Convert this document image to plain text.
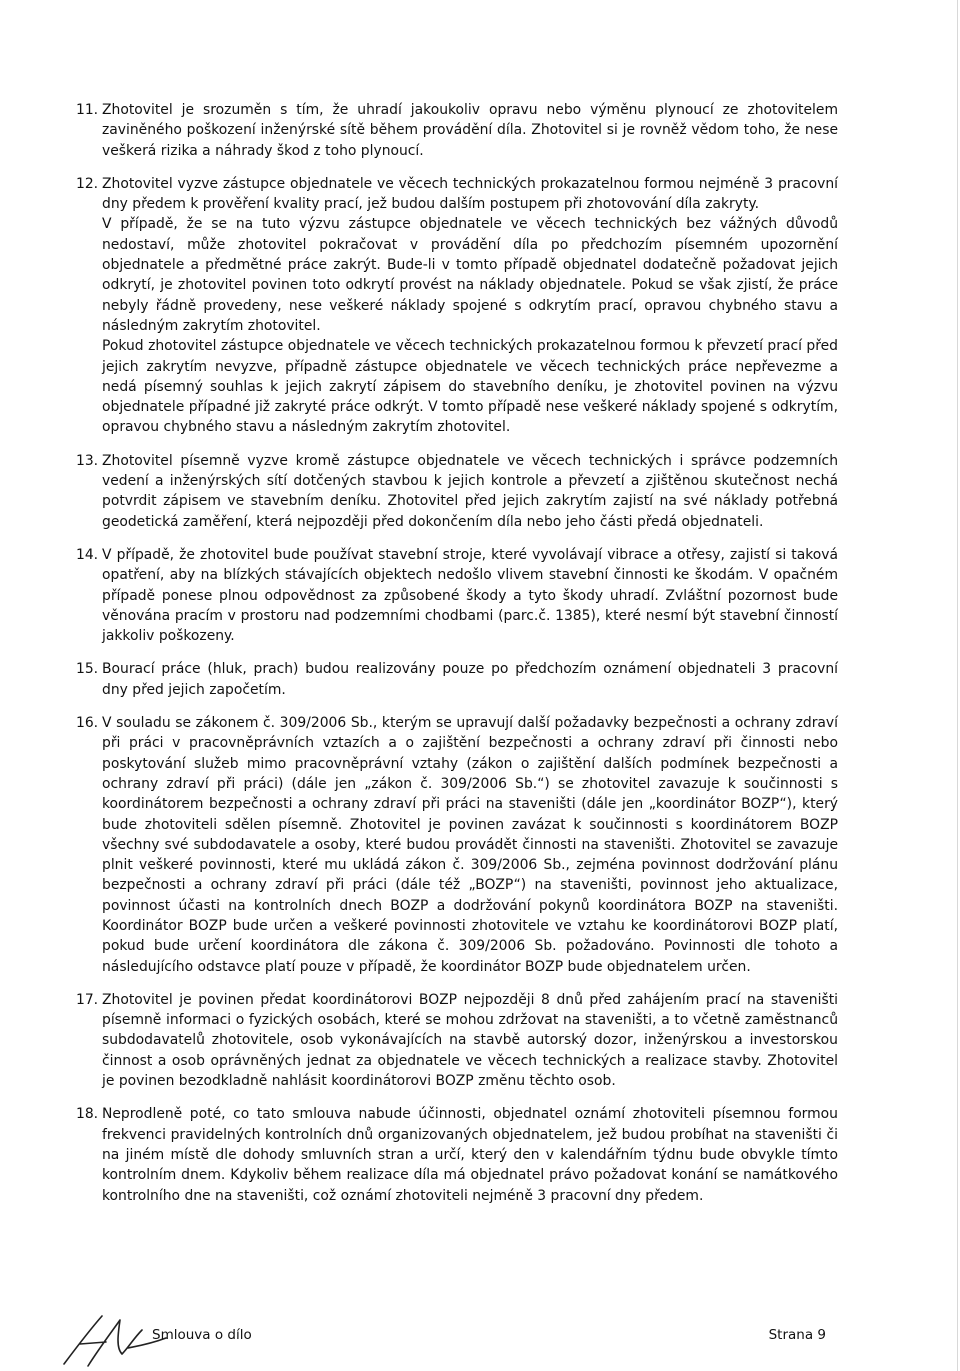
11. Zhotovitel je srozuměn s tím, že uhradí jakoukoliv opravu nebo výměnu plynoucí ze zhotovitelem zaviněného poškození inženýrské sítě během provádění díla. Zhotovitel si je rovněž vědom toho, že nese veškerá rizika a náhrady škod z toho plynoucí.

12. Zhotovitel vyzve zástupce objednatele ve věcech technických prokazatelnou formou nejméně 3 pracovní dny předem k prověření kvality prací, jež budou dalším postupem při zhotovování díla zakryty.

V případě, že se na tuto výzvu zástupce objednatele ve věcech technických bez vážných důvodů nedostaví, může zhotovitel pokračovat v provádění díla po předchozím písemném upozornění objednatele a předmětné práce zakrýt. Bude-li v tomto případě objednatel dodatečně požadovat jejich odkrytí, je zhotovitel povinen toto odkrytí provést na náklady objednatele. Pokud se však zjistí, že práce nebyly řádně provedeny, nese veškeré náklady spojené s odkrytím prací, opravou chybného stavu a následným zakrytím zhotovitel.

Pokud zhotovitel zástupce objednatele ve věcech technických prokazatelnou formou k převzetí prací před jejich zakrytím nevyzve, případně zástupce objednatele ve věcech technických práce nepřevezme a nedá písemný souhlas k jejich zakrytí zápisem do stavebního deníku, je zhotovitel povinen na výzvu objednatele případné již zakryté práce odkrýt. V tomto případě nese veškeré náklady spojené s odkrytím, opravou chybného stavu a následným zakrytím zhotovitel.

13. Zhotovitel písemně vyzve kromě zástupce objednatele ve věcech technických i správce podzemních vedení a inženýrských sítí dotčených stavbou k jejich kontrole a převzetí a zjištěnou skutečnost nechá potvrdit zápisem ve stavebním deníku. Zhotovitel před jejich zakrytím zajistí na své náklady potřebná geodetická zaměření, která nejpozději před dokončením díla nebo jeho části předá objednateli.

14. V případě, že zhotovitel bude používat stavební stroje, které vyvolávají vibrace a otřesy, zajistí si taková opatření, aby na blízkých stávajících objektech nedošlo vlivem stavební činnosti ke škodám. V opačném případě ponese plnou odpovědnost za způsobené škody a tyto škody uhradí. Zvláštní pozornost bude věnována pracím v prostoru nad podzemními chodbami (parc.č. 1385), které nesmí být stavební činností jakkoliv poškozeny.

15. Bourací práce (hluk, prach) budou realizovány pouze po předchozím oznámení objednateli 3 pracovní dny před jejich započetím.

16. V souladu se zákonem č. 309/2006 Sb., kterým se upravují další požadavky bezpečnosti a ochrany zdraví při práci v pracovněprávních vztazích a o zajištění bezpečnosti a ochrany zdraví při činnosti nebo poskytování služeb mimo pracovněprávní vztahy (zákon o zajištění dalších podmínek bezpečnosti a ochrany zdraví při práci) (dále jen „zákon č. 309/2006 Sb.“) se zhotovitel zavazuje k součinnosti s koordinátorem bezpečnosti a ochrany zdraví při práci na staveništi (dále jen „koordinátor BOZP“), který bude zhotoviteli sdělen písemně. Zhotovitel je povinen zavázat k součinnosti s koordinátorem BOZP všechny své subdodavatele a osoby, které budou provádět činnosti na staveništi. Zhotovitel se zavazuje plnit veškeré povinnosti, které mu ukládá zákon č. 309/2006 Sb., zejména povinnost dodržování plánu bezpečnosti a ochrany zdraví při práci (dále též „BOZP“) na staveništi, povinnost jeho aktualizace, povinnost účasti na kontrolních dnech BOZP a dodržování pokynů koordinátora BOZP na staveništi. Koordinátor BOZP bude určen a veškeré povinnosti zhotovitele ve vztahu ke koordinátorovi BOZP platí, pokud bude určení koordinátora dle zákona č. 309/2006 Sb. požadováno. Povinnosti dle tohoto a následujícího odstavce platí pouze v případě, že koordinátor BOZP bude objednatelem určen.

17. Zhotovitel je povinen předat koordinátorovi BOZP nejpozději 8 dnů před zahájením prací na staveništi písemně informaci o fyzických osobách, které se mohou zdržovat na staveništi, a to včetně zaměstnanců subdodavatelů zhotovitele, osob vykonávajících na stavbě autorský dozor, inženýrskou a investorskou činnost a osob oprávněných jednat za objednatele ve věcech technických a realizace stavby. Zhotovitel je povinen bezodkladně nahlásit koordinátorovi BOZP změnu těchto osob.

18. Neprodleně poté, co tato smlouva nabude účinnosti, objednatel oznámí zhotoviteli písemnou formou frekvenci pravidelných kontrolních dnů organizovaných objednatelem, jež budou probíhat na staveništi či na jiném místě dle dohody smluvních stran a určí, který den v kalendářním týdnu bude obvykle tímto kontrolním dnem. Kdykoliv během realizace díla má objednatel právo požadovat konání se namátkového kontrolního dne na staveništi, což oznámí zhotoviteli nejméně 3 pracovní dny předem.

Smlouva o dílo	Strana 9
